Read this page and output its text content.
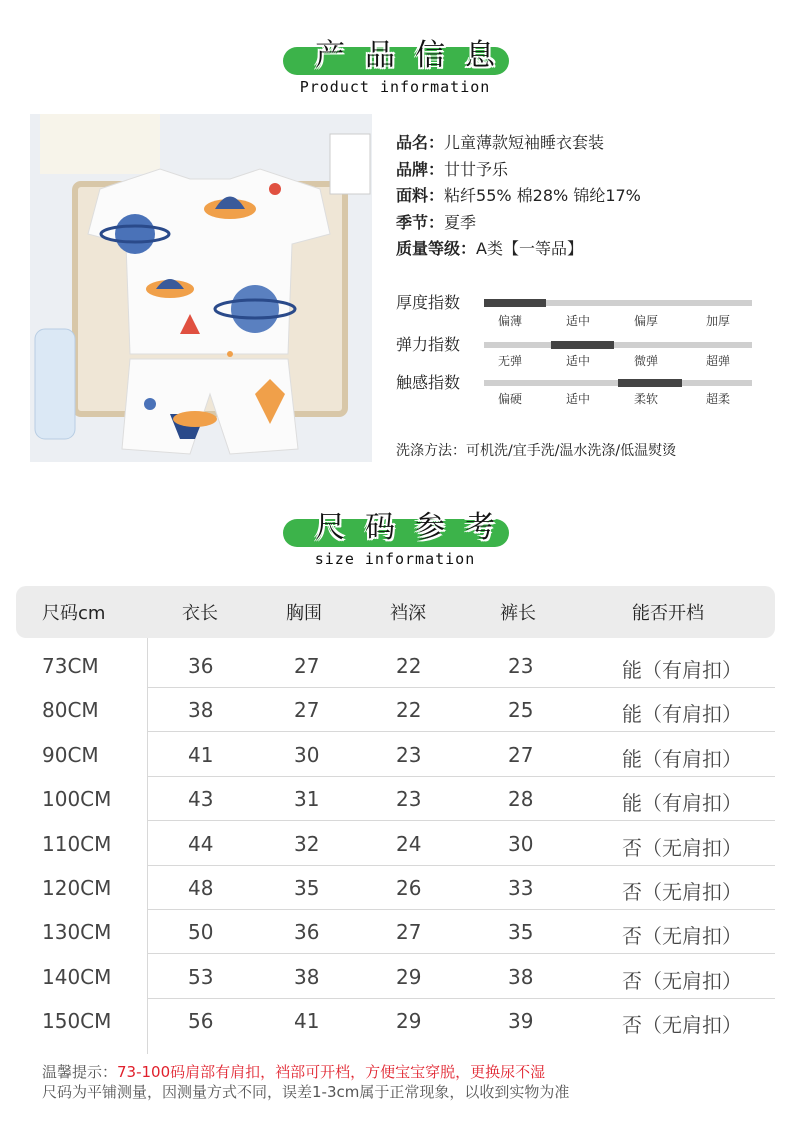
产品信息
Product information
品名：儿童薄款短袖睡衣套装
品牌：廿廿予乐
面料：粘纤55% 棉28% 锦纶17%
季节：夏季
质量等级：A类【一等品】
厚度指数
偏薄	适中	偏厚	加厚
弹力指数
无弹	适中	微弹	超弹
触感指数
偏硬	适中	柔软	超柔
洗涤方法：可机洗/宜手洗/温水洗涤/低温熨烫
尺码参考
size information
尺码cm	衣长	胸围	裆深	裤长	能否开档
73CM	36	27	22	23	能（有肩扣）
80CM	38	27	22	25	能（有肩扣）
90CM	41	30	23	27	能（有肩扣）
100CM	43	31	23	28	能（有肩扣）
110CM	44	32	24	30	否（无肩扣）
120CM	48	35	26	33	否（无肩扣）
130CM	50	36	27	35	否（无肩扣）
140CM	53	38	29	38	否（无肩扣）
150CM	56	41	29	39	否（无肩扣）
温馨提示：73-100码肩部有肩扣，裆部可开档，方便宝宝穿脱，更换尿不湿
尺码为平铺测量，因测量方式不同，误差1-3cm属于正常现象，以收到实物为准
